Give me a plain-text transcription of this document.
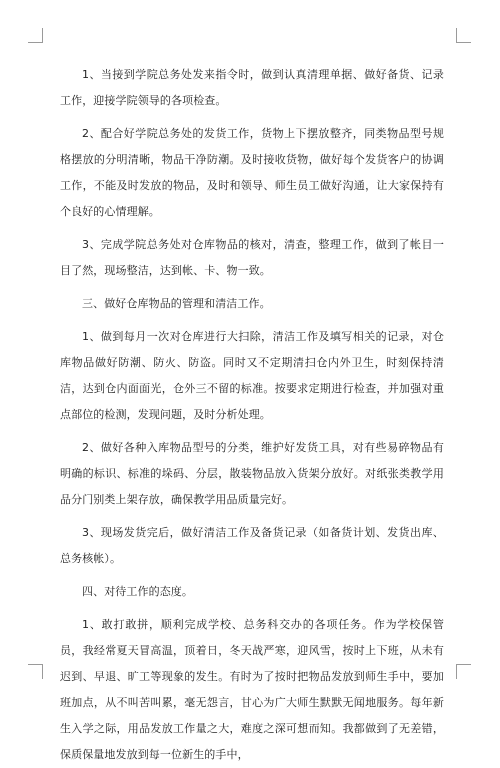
1、当接到学院总务处发来指令时，做到认真清理单据、做好备货、记录工作，迎接学院领导的各项检查。

2、配合好学院总务处的发货工作，货物上下摆放整齐，同类物品型号规格摆放的分明清晰，物品干净防潮。及时接收货物，做好每个发货客户的协调工作，不能及时发放的物品，及时和领导、师生员工做好沟通，让大家保持有个良好的心情理解。

3、完成学院总务处对仓库物品的核对，清查，整理工作，做到了帐目一目了然，现场整洁，达到帐、卡、物一致。

三、做好仓库物品的管理和清洁工作。

1、做到每月一次对仓库进行大扫除，清洁工作及填写相关的记录，对仓库物品做好防潮、防火、防盗。同时又不定期清扫仓内外卫生，时刻保持清洁，达到仓内面面光，仓外三不留的标准。按要求定期进行检查，并加强对重点部位的检测，发现问题，及时分析处理。

2、做好各种入库物品型号的分类，维护好发货工具，对有些易碎物品有明确的标识、标准的垛码、分层，散装物品放入货架分放好。对纸张类教学用品分门别类上架存放，确保教学用品质量完好。

3、现场发货完后，做好清洁工作及备货记录（如备货计划、发货出库、总务核帐）。

四、对待工作的态度。

1、敢打敢拼，顺利完成学校、总务科交办的各项任务。作为学校保管员，我经常夏天冒高温，顶着日，冬天战严寒，迎风雪，按时上下班，从未有迟到、早退、旷工等现象的发生。有时为了按时把物品发放到师生手中，要加班加点，从不叫苦叫累，毫无怨言，甘心为广大师生默默无闻地服务。每年新生入学之际，用品发放工作量之大，难度之深可想而知。我都做到了无差错，保质保量地发放到每一位新生的手中，
